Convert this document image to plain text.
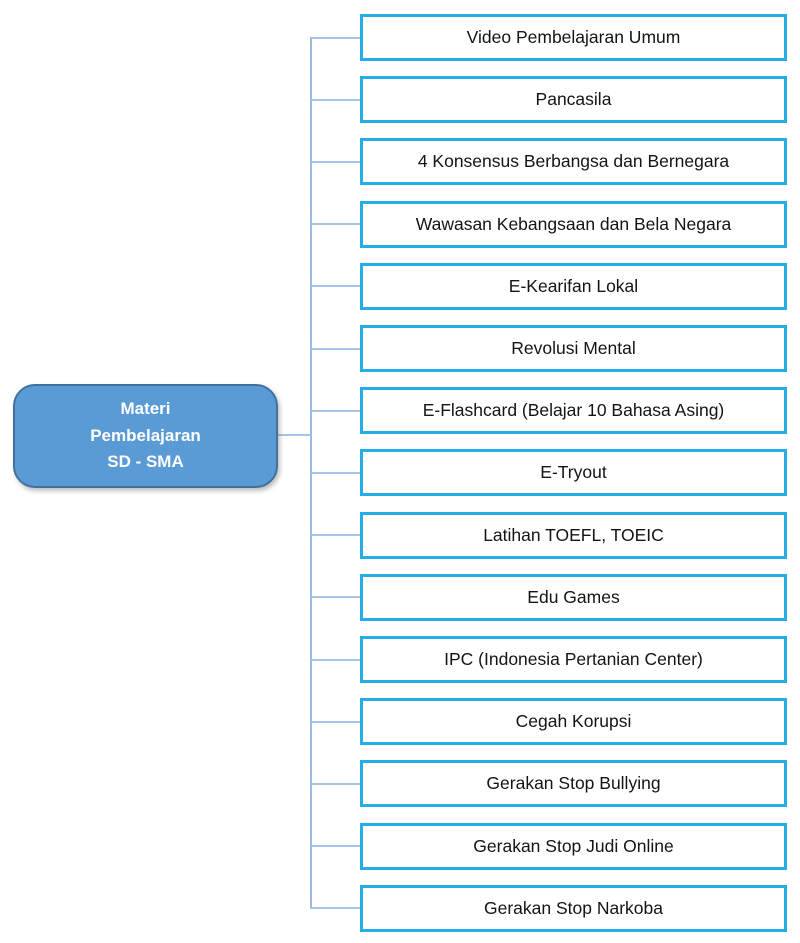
Materi
Pembelajaran
SD - SMA
Video Pembelajaran Umum
Pancasila
4 Konsensus Berbangsa dan Bernegara
Wawasan Kebangsaan dan Bela Negara
E-Kearifan Lokal
Revolusi Mental
E-Flashcard (Belajar 10 Bahasa Asing)
E-Tryout
Latihan TOEFL, TOEIC
Edu Games
IPC (Indonesia Pertanian Center)
Cegah Korupsi
Gerakan Stop Bullying
Gerakan Stop Judi Online
Gerakan Stop Narkoba
